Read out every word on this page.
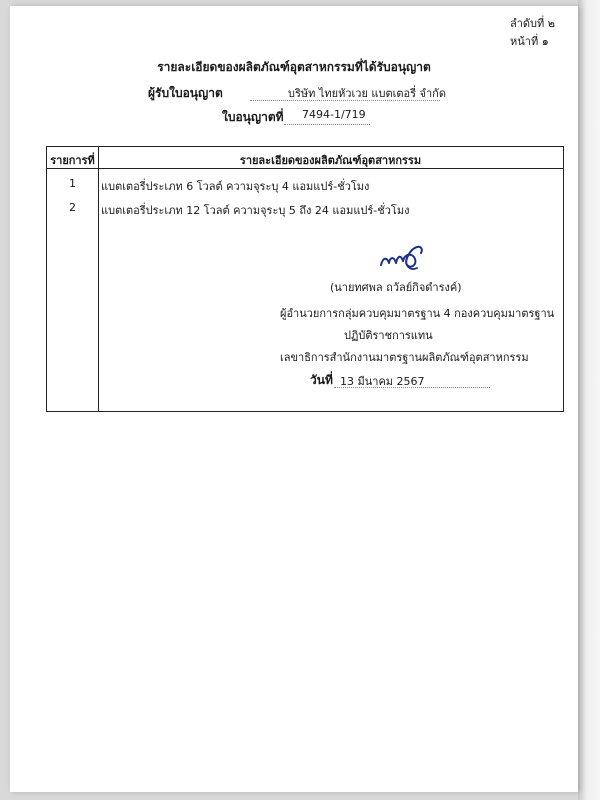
ลำดับที่ ๒
หน้าที่ ๑
รายละเอียดของผลิตภัณฑ์อุตสาหกรรมที่ได้รับอนุญาต
ผู้รับใบอนุญาต	บริษัท ไทยหัวเวย แบตเตอรี่ จำกัด
ใบอนุญาตที่ 7494-1/719
รายการที่	รายละเอียดของผลิตภัณฑ์อุตสาหกรรม
1	แบตเตอรี่ประเภท 6 โวลต์ ความจุระบุ 4 แอมแปร์-ชั่วโมง
2	แบตเตอรี่ประเภท 12 โวลต์ ความจุระบุ 5 ถึง 24 แอมแปร์-ชั่วโมง
(นายทศพล ถวัลย์กิจดำรงค์)
ผู้อำนวยการกลุ่มควบคุมมาตรฐาน 4 กองควบคุมมาตรฐาน
ปฏิบัติราชการแทน
เลขาธิการสำนักงานมาตรฐานผลิตภัณฑ์อุตสาหกรรม
วันที่ 13 มีนาคม 2567
